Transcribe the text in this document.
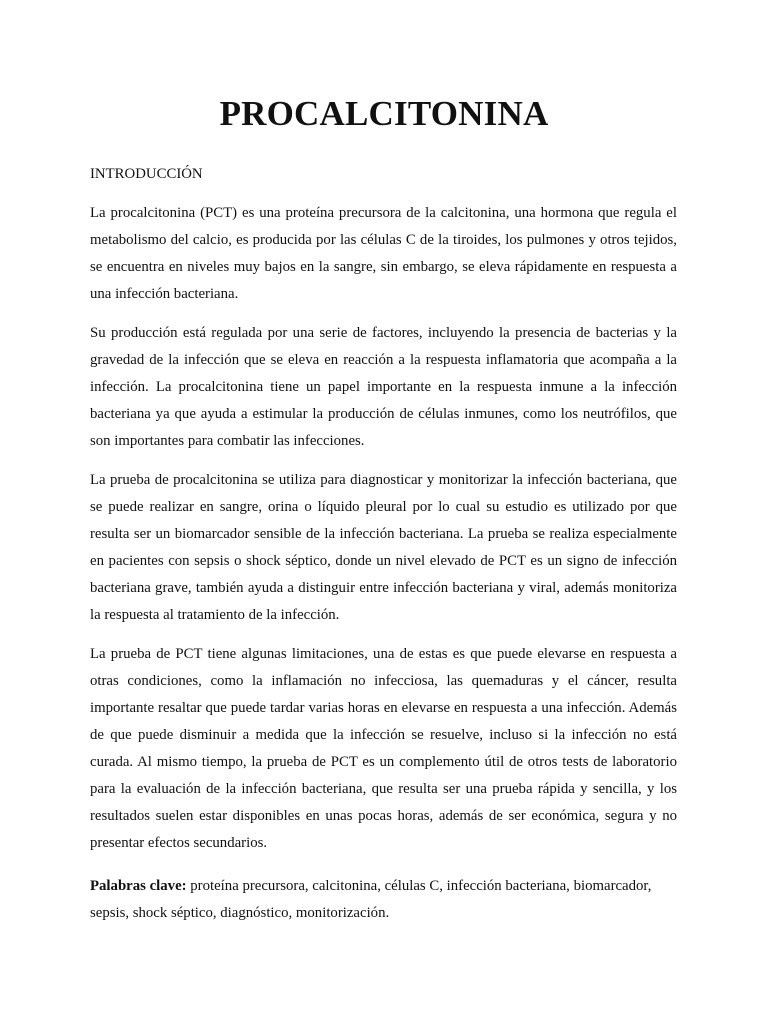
PROCALCITONINA
INTRODUCCIÓN

La procalcitonina (PCT) es una proteína precursora de la calcitonina, una hormona que regula el metabolismo del calcio, es producida por las células C de la tiroides, los pulmones y otros tejidos, se encuentra en niveles muy bajos en la sangre, sin embargo, se eleva rápidamente en respuesta a una infección bacteriana.

Su producción está regulada por una serie de factores, incluyendo la presencia de bacterias y la gravedad de la infección que se eleva en reacción a la respuesta inflamatoria que acompaña a la infección. La procalcitonina tiene un papel importante en la respuesta inmune a la infección bacteriana ya que ayuda a estimular la producción de células inmunes, como los neutrófilos, que son importantes para combatir las infecciones.

La prueba de procalcitonina se utiliza para diagnosticar y monitorizar la infección bacteriana, que se puede realizar en sangre, orina o líquido pleural por lo cual su estudio es utilizado por que resulta ser un biomarcador sensible de la infección bacteriana. La prueba se realiza especialmente en pacientes con sepsis o shock séptico, donde un nivel elevado de PCT es un signo de infección bacteriana grave, también ayuda a distinguir entre infección bacteriana y viral, además monitoriza la respuesta al tratamiento de la infección.

La prueba de PCT tiene algunas limitaciones, una de estas es que puede elevarse en respuesta a otras condiciones, como la inflamación no infecciosa, las quemaduras y el cáncer, resulta importante resaltar que puede tardar varias horas en elevarse en respuesta a una infección. Además de que puede disminuir a medida que la infección se resuelve, incluso si la infección no está curada. Al mismo tiempo, la prueba de PCT es un complemento útil de otros tests de laboratorio para la evaluación de la infección bacteriana, que resulta ser una prueba rápida y sencilla, y los resultados suelen estar disponibles en unas pocas horas, además de ser económica, segura y no presentar efectos secundarios.

Palabras clave: proteína precursora, calcitonina, células C, infección bacteriana, biomarcador, sepsis, shock séptico, diagnóstico, monitorización.
